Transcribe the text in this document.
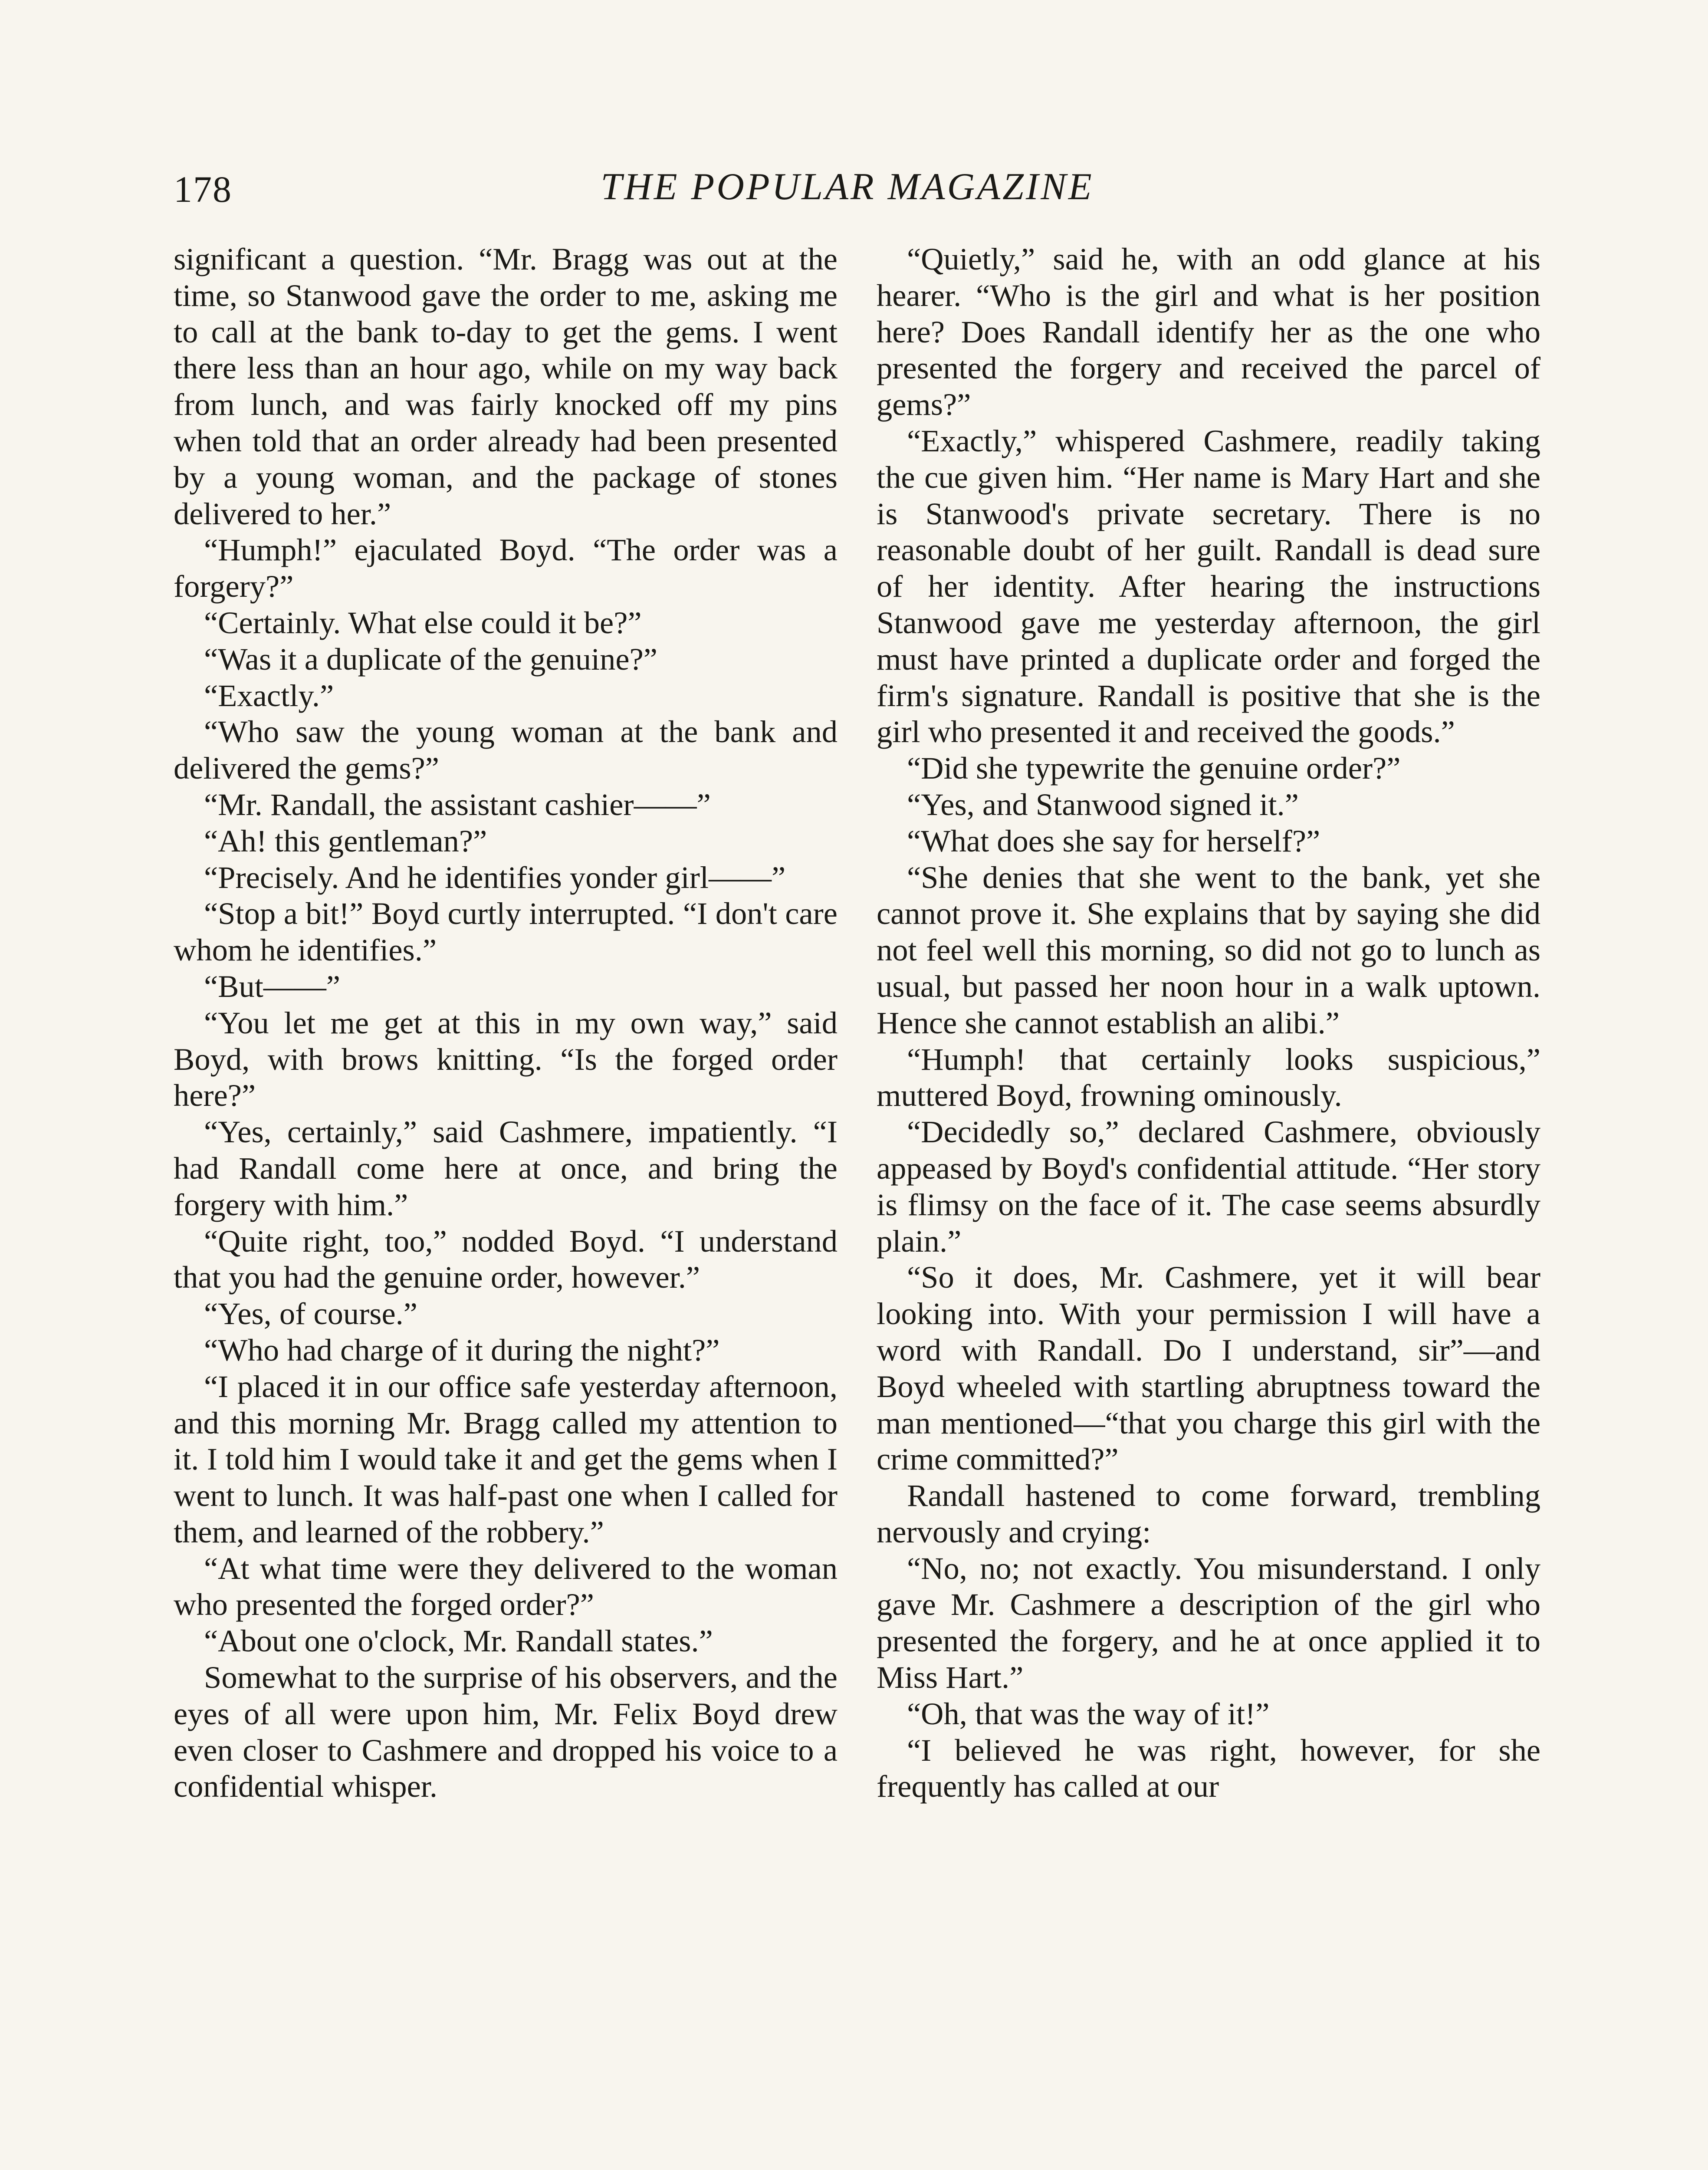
178	THE POPULAR MAGAZINE

significant a question. “Mr. Bragg was out at the time, so Stanwood gave the order to me, asking me to call at the bank to-day to get the gems. I went there less than an hour ago, while on my way back from lunch, and was fairly knocked off my pins when told that an order already had been presented by a young woman, and the package of stones delivered to her.”

“Humph!” ejaculated Boyd. “The order was a forgery?”

“Certainly. What else could it be?”

“Was it a duplicate of the genuine?”

“Exactly.”

“Who saw the young woman at the bank and delivered the gems?”

“Mr. Randall, the assistant cashier——”

“Ah! this gentleman?”

“Precisely. And he identifies yonder girl——”

“Stop a bit!” Boyd curtly interrupted. “I don't care whom he identifies.”

“But——”

“You let me get at this in my own way,” said Boyd, with brows knitting. “Is the forged order here?”

“Yes, certainly,” said Cashmere, impatiently. “I had Randall come here at once, and bring the forgery with him.”

“Quite right, too,” nodded Boyd. “I understand that you had the genuine order, however.”

“Yes, of course.”

“Who had charge of it during the night?”

“I placed it in our office safe yesterday afternoon, and this morning Mr. Bragg called my attention to it. I told him I would take it and get the gems when I went to lunch. It was half-past one when I called for them, and learned of the robbery.”

“At what time were they delivered to the woman who presented the forged order?”

“About one o'clock, Mr. Randall states.”

Somewhat to the surprise of his observers, and the eyes of all were upon him, Mr. Felix Boyd drew even closer to Cashmere and dropped his voice to a confidential whisper.

“Quietly,” said he, with an odd glance at his hearer. “Who is the girl and what is her position here? Does Randall identify her as the one who presented the forgery and received the parcel of gems?”

“Exactly,” whispered Cashmere, readily taking the cue given him. “Her name is Mary Hart and she is Stanwood's private secretary. There is no reasonable doubt of her guilt. Randall is dead sure of her identity. After hearing the instructions Stanwood gave me yesterday afternoon, the girl must have printed a duplicate order and forged the firm's signature. Randall is positive that she is the girl who presented it and received the goods.”

“Did she typewrite the genuine order?”

“Yes, and Stanwood signed it.”

“What does she say for herself?”

“She denies that she went to the bank, yet she cannot prove it. She explains that by saying she did not feel well this morning, so did not go to lunch as usual, but passed her noon hour in a walk uptown. Hence she cannot establish an alibi.”

“Humph! that certainly looks suspicious,” muttered Boyd, frowning ominously.

“Decidedly so,” declared Cashmere, obviously appeased by Boyd's confidential attitude. “Her story is flimsy on the face of it. The case seems absurdly plain.”

“So it does, Mr. Cashmere, yet it will bear looking into. With your permission I will have a word with Randall. Do I understand, sir”—and Boyd wheeled with startling abruptness toward the man mentioned—“that you charge this girl with the crime committed?”

Randall hastened to come forward, trembling nervously and crying:

“No, no; not exactly. You misunderstand. I only gave Mr. Cashmere a description of the girl who presented the forgery, and he at once applied it to Miss Hart.”

“Oh, that was the way of it!”

“I believed he was right, however, for she frequently has called at our
